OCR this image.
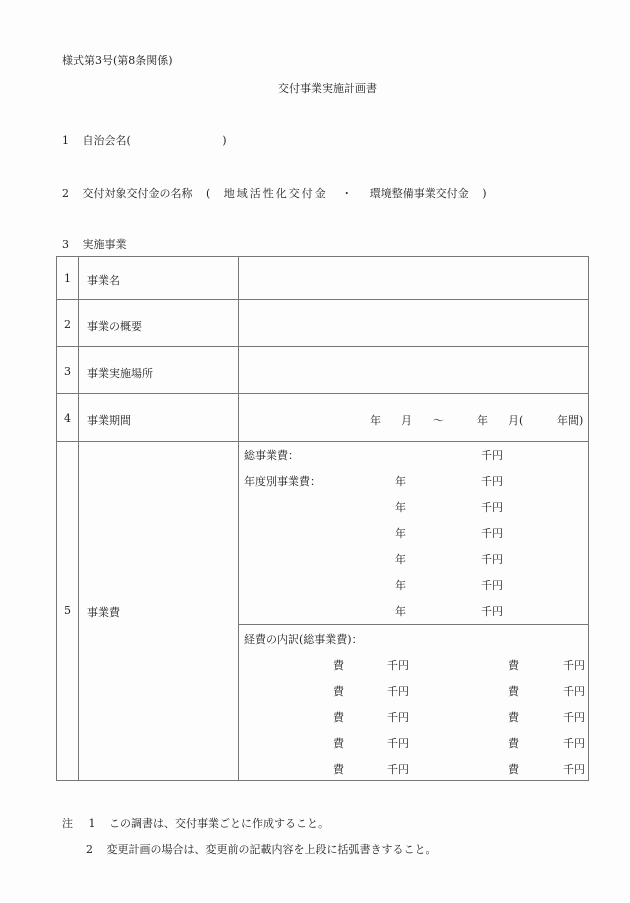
様式第3号(第8条関係)
交付事業実施計画書
1 自治会名(	)
2 交付対象交付金の名称 ( 地域活性化交付金 ・ 環境整備事業交付金 )
3 実施事業
1 事業名
2 事業の概要
3 事業実施場所
4 事業期間	年 月 ～	年 月(	年間)
5 事業費
総事業費：	千円
年度別事業費：	年	千円
年	千円
年	千円
年	千円
年	千円
年	千円
経費の内訳(総事業費)：
費	千円	費	千円
費	千円	費	千円
費	千円	費	千円
費	千円	費	千円
費	千円	費	千円
注 1 この調書は、交付事業ごとに作成すること。
2 変更計画の場合は、変更前の記載内容を上段に括弧書きすること。
